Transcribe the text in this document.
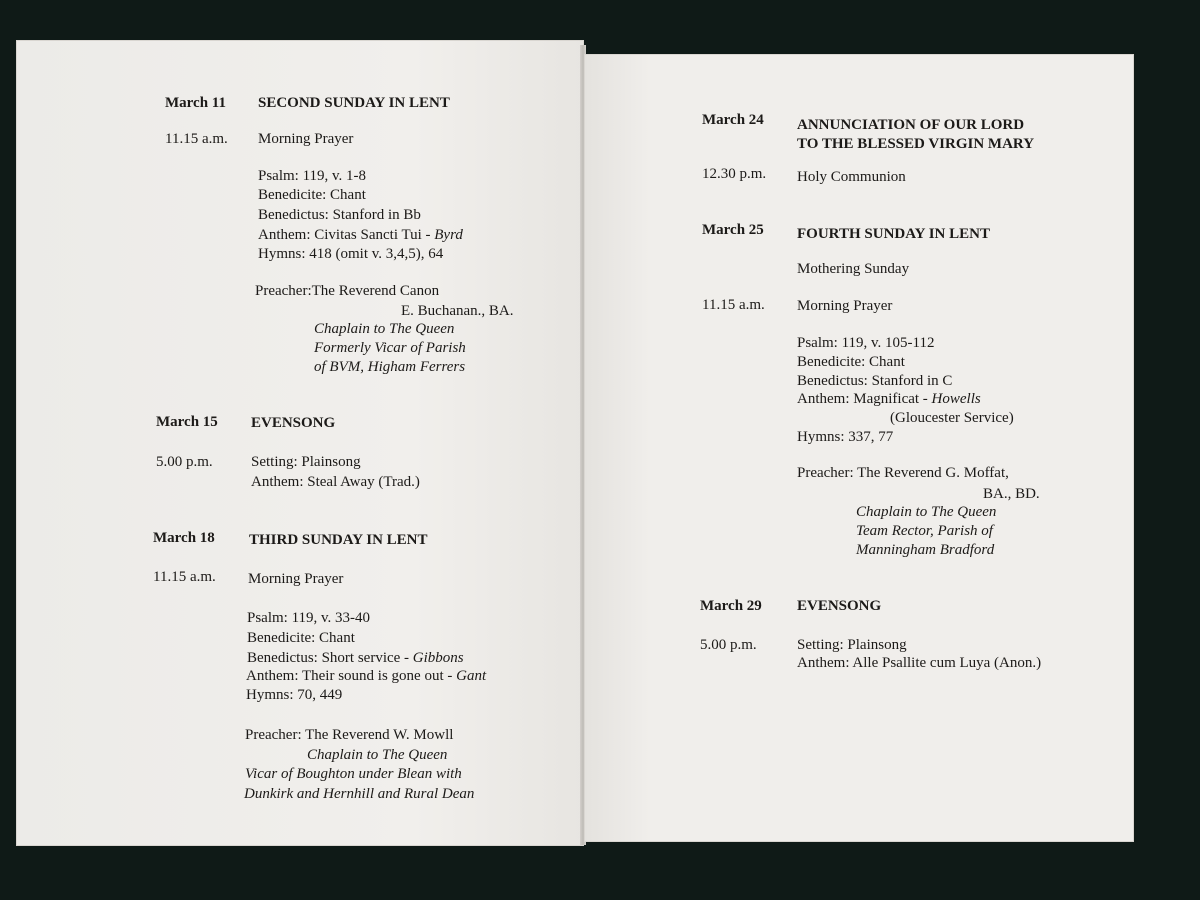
March 11 SECOND SUNDAY IN LENT
11.15 a.m. Morning Prayer
Psalm: 119, v. 1-8
Benedicite: Chant
Benedictus: Stanford in Bb
Anthem: Civitas Sancti Tui - Byrd
Hymns: 418 (omit v. 3,4,5), 64
Preacher:The Reverend Canon
E. Buchanan., BA.
Chaplain to The Queen
Formerly Vicar of Parish
of BVM, Higham Ferrers
March 15 EVENSONG
5.00 p.m.	Setting: Plainsong
Anthem: Steal Away (Trad.)
March 18 THIRD SUNDAY IN LENT
11.15 a.m. Morning Prayer
Psalm: 119, v. 33-40
Benedicite: Chant
Benedictus: Short service - Gibbons
Anthem: Their sound is gone out - Gant
Hymns: 70, 449
Preacher: The Reverend W. Mowll
Chaplain to The Queen
Vicar of Boughton under Blean with
Dunkirk and Hernhill and Rural Dean
March 24 ANNUNCIATION OF OUR LORD
TO THE BLESSED VIRGIN MARY
12.30 p.m. Holy Communion
March 25 FOURTH SUNDAY IN LENT
Mothering Sunday
11.15 a.m. Morning Prayer
Psalm: 119, v. 105-112
Benedicite: Chant
Benedictus: Stanford in C
Anthem: Magnificat - Howells
(Gloucester Service)
Hymns: 337, 77
Preacher: The Reverend G. Moffat,
BA., BD.
Chaplain to The Queen
Team Rector, Parish of
Manningham Bradford
March 29 EVENSONG
5.00 p.m.	Setting: Plainsong
Anthem: Alle Psallite cum Luya (Anon.)
